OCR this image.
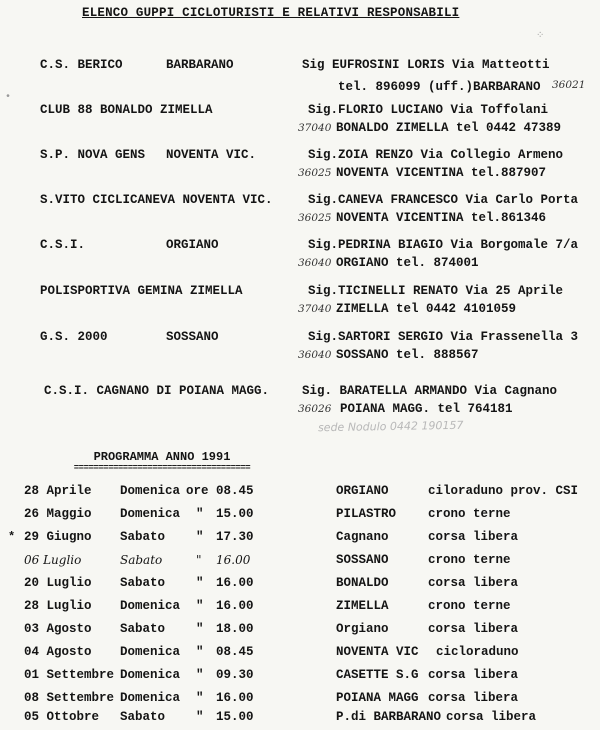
ELENCO GUPPI CICLOTURISTI E RELATIVI RESPONSABILI
⁘
•
C.S. BERICO	BARBARANO	Sig EUFROSINI LORIS Via Matteotti
tel. 896099 (uff.)BARBARANO 36021
CLUB 88 BONALDO ZIMELLA	Sig.FLORIO LUCIANO Via Toffolani
37040 BONALDO ZIMELLA tel 0442 47389
S.P. NOVA GENS NOVENTA VIC.	Sig.ZOIA RENZO Via Collegio Armeno
36025 NOVENTA VICENTINA tel.887907
S.VITO CICLICANEVA NOVENTA VIC.	Sig.CANEVA FRANCESCO Via Carlo Porta
36025 NOVENTA VICENTINA tel.861346
C.S.I.	ORGIANO	Sig.PEDRINA BIAGIO Via Borgomale 7/a
36040 ORGIANO tel. 874001
POLISPORTIVA GEMINA ZIMELLA	Sig.TICINELLI RENATO Via 25 Aprile
37040 ZIMELLA tel 0442 4101059
G.S. 2000	SOSSANO	Sig.SARTORI SERGIO Via Frassenella 3
36040 SOSSANO tel. 888567
C.S.I. CAGNANO DI POIANA MAGG.	Sig. BARATELLA ARMANDO Via Cagnano
36026 POIANA MAGG. tel 764181
sede Nodulo 0442 190157
PROGRAMMA ANNO 1991
====================================
28 Aprile Domenica ore 08.45	ORGIANO	ciloraduno prov. CSI
26 Maggio Domenica " 15.00	PILASTRO	crono terne
* 29 Giugno Sabato " 17.30	Cagnano	corsa libera
06 Luglio	Sabato	" 16.00	SOSSANO	crono terne
20 Luglio Sabato " 16.00	BONALDO	corsa libera
28 Luglio Domenica " 16.00	ZIMELLA	crono terne
03 Agosto Sabato " 18.00	Orgiano	corsa libera
04 Agosto Domenica " 08.45	NOVENTA VIC cicloraduno
01 Settembre Domenica " 09.30	CASETTE S.G corsa libera
08 Settembre Domenica " 16.00	POIANA MAGG corsa libera
05 Ottobre Sabato " 15.00	P.di BARBARANO corsa libera
